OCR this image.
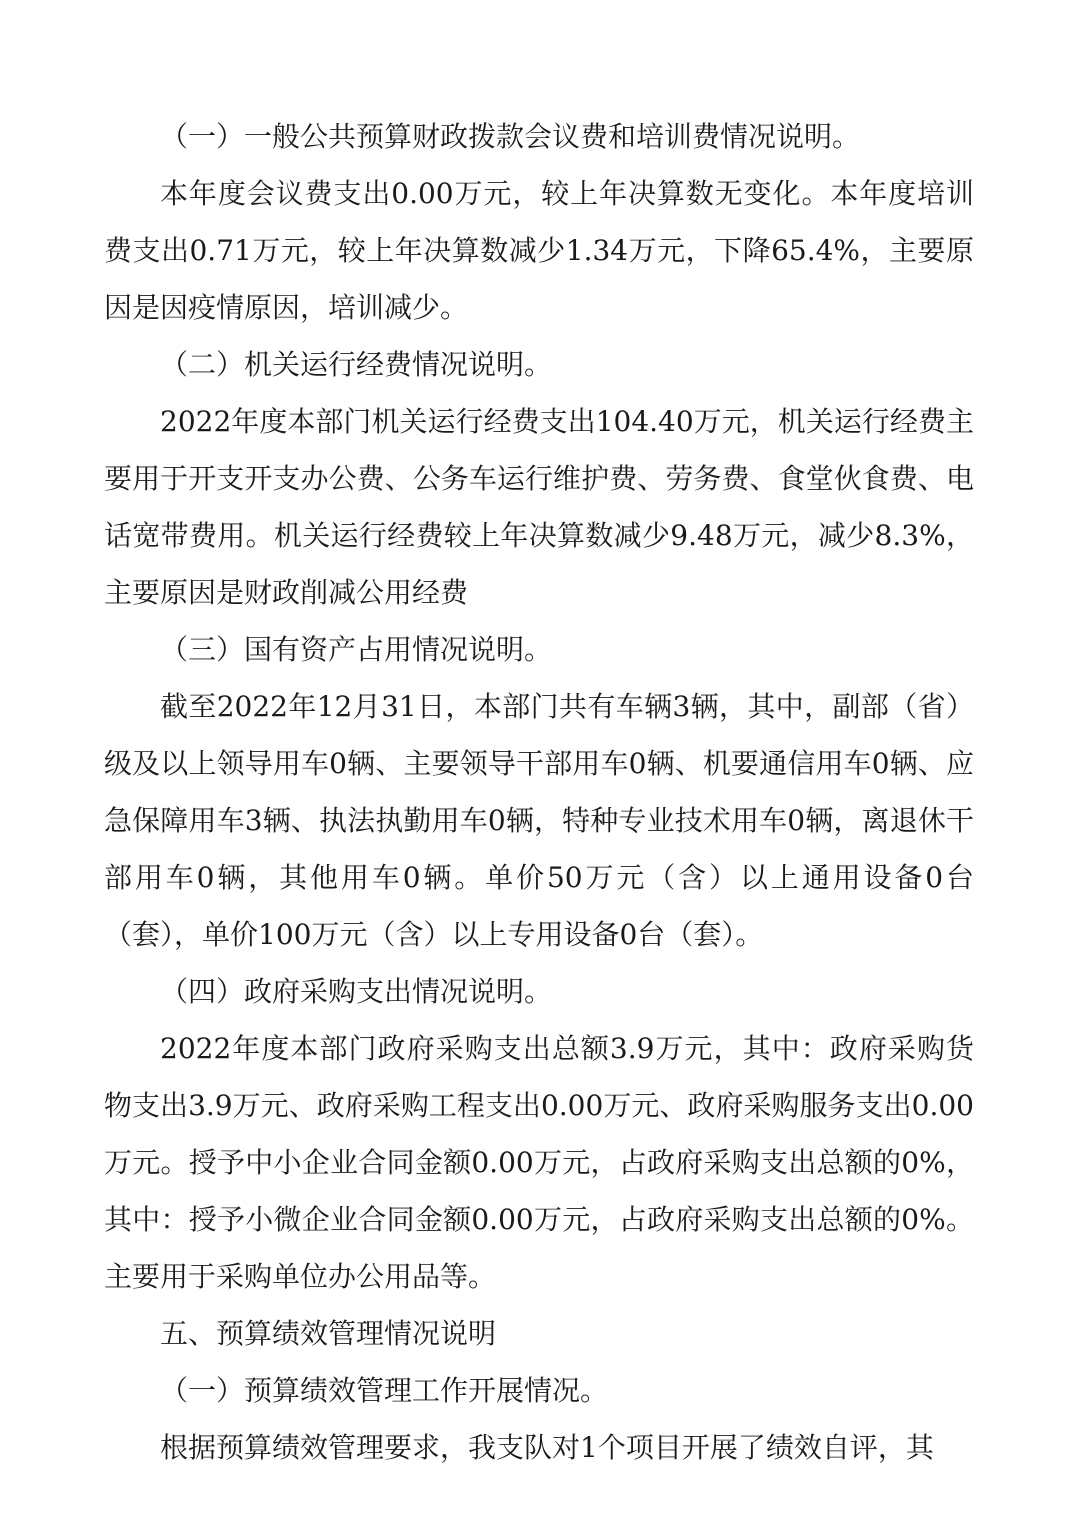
（一）一般公共预算财政拨款会议费和培训费情况说明。

本年度会议费支出0.00万元，较上年决算数无变化。本年度培训费支出0.71万元，较上年决算数减少1.34万元，下降65.4%，主要原因是因疫情原因，培训减少。

（二）机关运行经费情况说明。

2022年度本部门机关运行经费支出104.40万元，机关运行经费主要用于开支开支办公费、公务车运行维护费、劳务费、食堂伙食费、电话宽带费用。机关运行经费较上年决算数减少9.48万元，减少8.3%，主要原因是财政削减公用经费

（三）国有资产占用情况说明。

截至2022年12月31日，本部门共有车辆3辆，其中，副部（省）级及以上领导用车0辆、主要领导干部用车0辆、机要通信用车0辆、应急保障用车3辆、执法执勤用车0辆，特种专业技术用车0辆，离退休干部用车0辆，其他用车0辆。单价50万元（含）以上通用设备0台（套），单价100万元（含）以上专用设备0台（套）。

（四）政府采购支出情况说明。

2022年度本部门政府采购支出总额3.9万元，其中：政府采购货物支出3.9万元、政府采购工程支出0.00万元、政府采购服务支出0.00万元。授予中小企业合同金额0.00万元，占政府采购支出总额的0%，其中：授予小微企业合同金额0.00万元，占政府采购支出总额的0%。主要用于采购单位办公用品等。

五、预算绩效管理情况说明

（一）预算绩效管理工作开展情况。

根据预算绩效管理要求，我支队对1个项目开展了绩效自评，其
